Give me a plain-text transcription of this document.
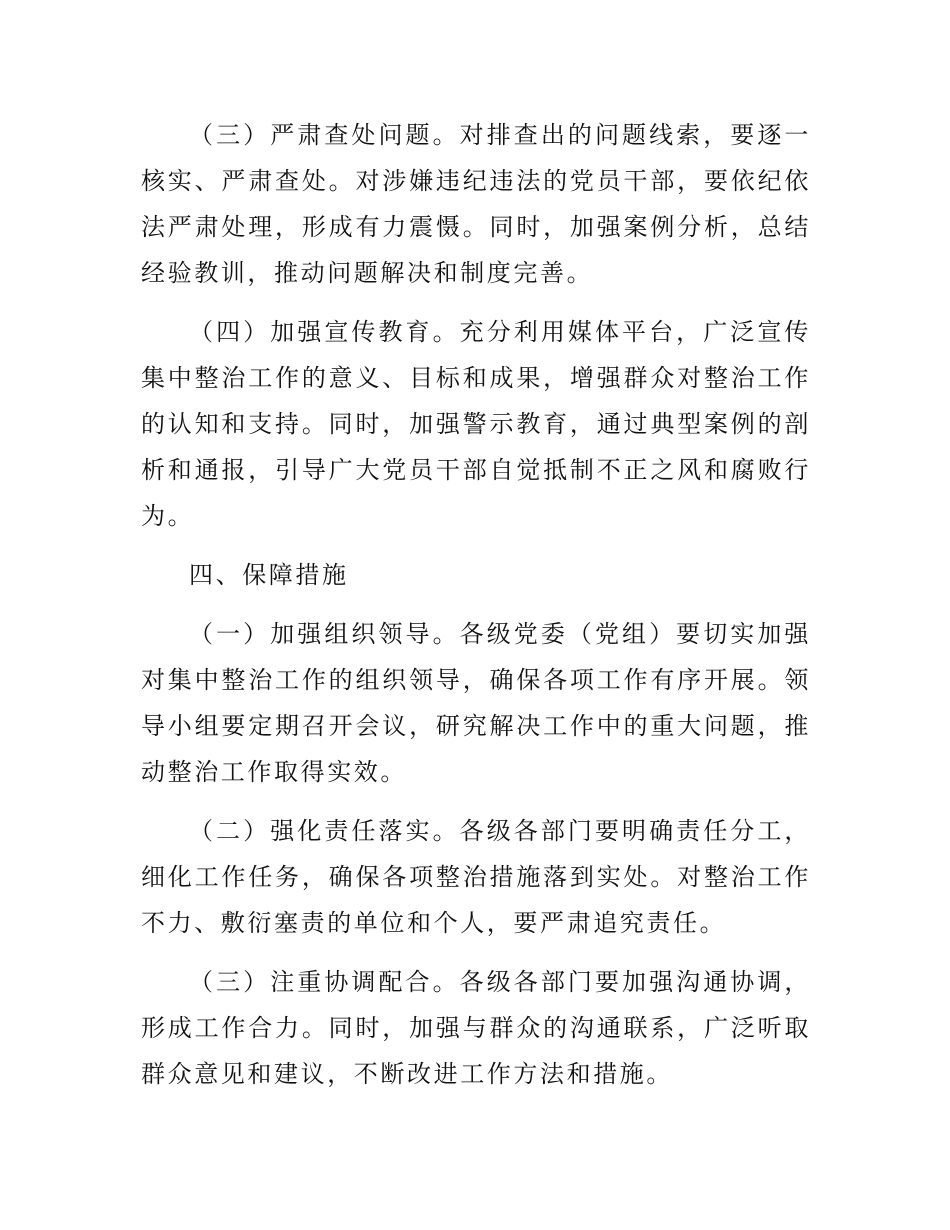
（三）严肃查处问题。对排查出的问题线索，要逐一核实、严肃查处。对涉嫌违纪违法的党员干部，要依纪依法严肃处理，形成有力震慑。同时，加强案例分析，总结经验教训，推动问题解决和制度完善。

（四）加强宣传教育。充分利用媒体平台，广泛宣传集中整治工作的意义、目标和成果，增强群众对整治工作的认知和支持。同时，加强警示教育，通过典型案例的剖析和通报，引导广大党员干部自觉抵制不正之风和腐败行为。

四、保障措施

（一）加强组织领导。各级党委（党组）要切实加强对集中整治工作的组织领导，确保各项工作有序开展。领导小组要定期召开会议，研究解决工作中的重大问题，推动整治工作取得实效。

（二）强化责任落实。各级各部门要明确责任分工，细化工作任务，确保各项整治措施落到实处。对整治工作不力、敷衍塞责的单位和个人，要严肃追究责任。

（三）注重协调配合。各级各部门要加强沟通协调，形成工作合力。同时，加强与群众的沟通联系，广泛听取群众意见和建议，不断改进工作方法和措施。
